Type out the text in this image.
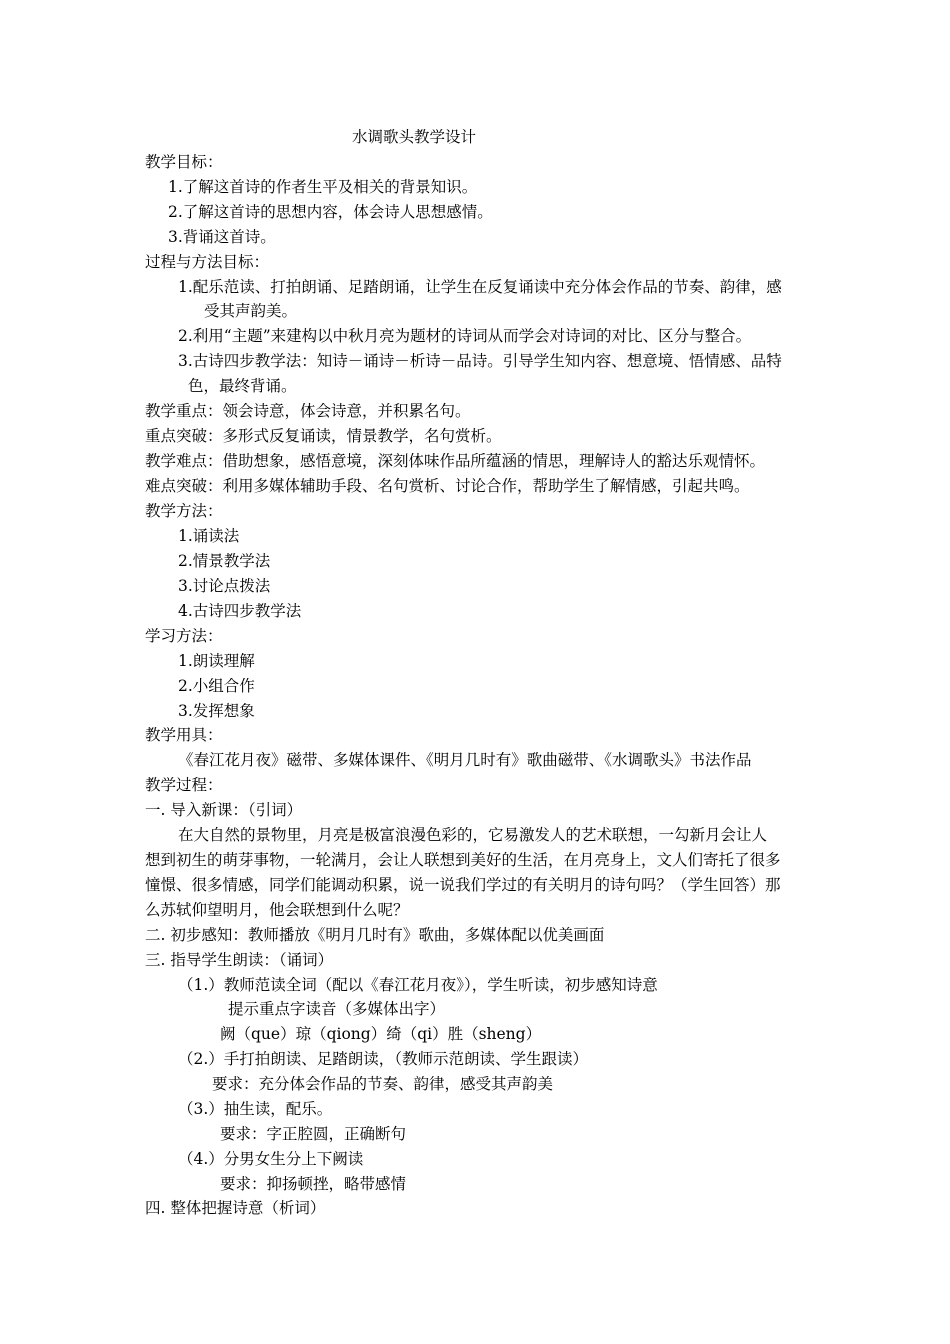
水调歌头教学设计
教学目标：
1.了解这首诗的作者生平及相关的背景知识。
2.了解这首诗的思想内容，体会诗人思想感情。
3.背诵这首诗。
过程与方法目标：
1.配乐范读、打拍朗诵、足踏朗诵，让学生在反复诵读中充分体会作品的节奏、韵律，感
受其声韵美。
2.利用“主题”来建构以中秋月亮为题材的诗词从而学会对诗词的对比、区分与整合。
3.古诗四步教学法：知诗－诵诗－析诗－品诗。引导学生知内容、想意境、悟情感、品特
色，最终背诵。
教学重点：领会诗意，体会诗意，并积累名句。
重点突破：多形式反复诵读，情景教学，名句赏析。
教学难点：借助想象，感悟意境，深刻体味作品所蕴涵的情思，理解诗人的豁达乐观情怀。
难点突破：利用多媒体辅助手段、名句赏析、讨论合作，帮助学生了解情感，引起共鸣。
教学方法：
1.诵读法
2.情景教学法
3.讨论点拨法
4.古诗四步教学法
学习方法：
1.朗读理解
2.小组合作
3.发挥想象
教学用具：
《春江花月夜》磁带、多媒体课件、《明月几时有》歌曲磁带、《水调歌头》书法作品
教学过程：
一. 导入新课：（引词）
在大自然的景物里，月亮是极富浪漫色彩的，它易激发人的艺术联想，一勾新月会让人
想到初生的萌芽事物，一轮满月，会让人联想到美好的生活，在月亮身上，文人们寄托了很多
憧憬、很多情感，同学们能调动积累，说一说我们学过的有关明月的诗句吗？（学生回答）那
么苏轼仰望明月，他会联想到什么呢？
二. 初步感知：教师播放《明月几时有》歌曲，多媒体配以优美画面
三. 指导学生朗读：（诵词）
（1.）教师范读全词（配以《春江花月夜》），学生听读，初步感知诗意
提示重点字读音（多媒体出字）
阙（que）琼（qiong）绮（qi）胜（sheng）
（2.）手打拍朗读、足踏朗读，（教师示范朗读、学生跟读）
要求：充分体会作品的节奏、韵律，感受其声韵美
（3.）抽生读，配乐。
要求：字正腔圆，正确断句
（4.）分男女生分上下阙读
要求：抑扬顿挫，略带感情
四. 整体把握诗意（析词）
